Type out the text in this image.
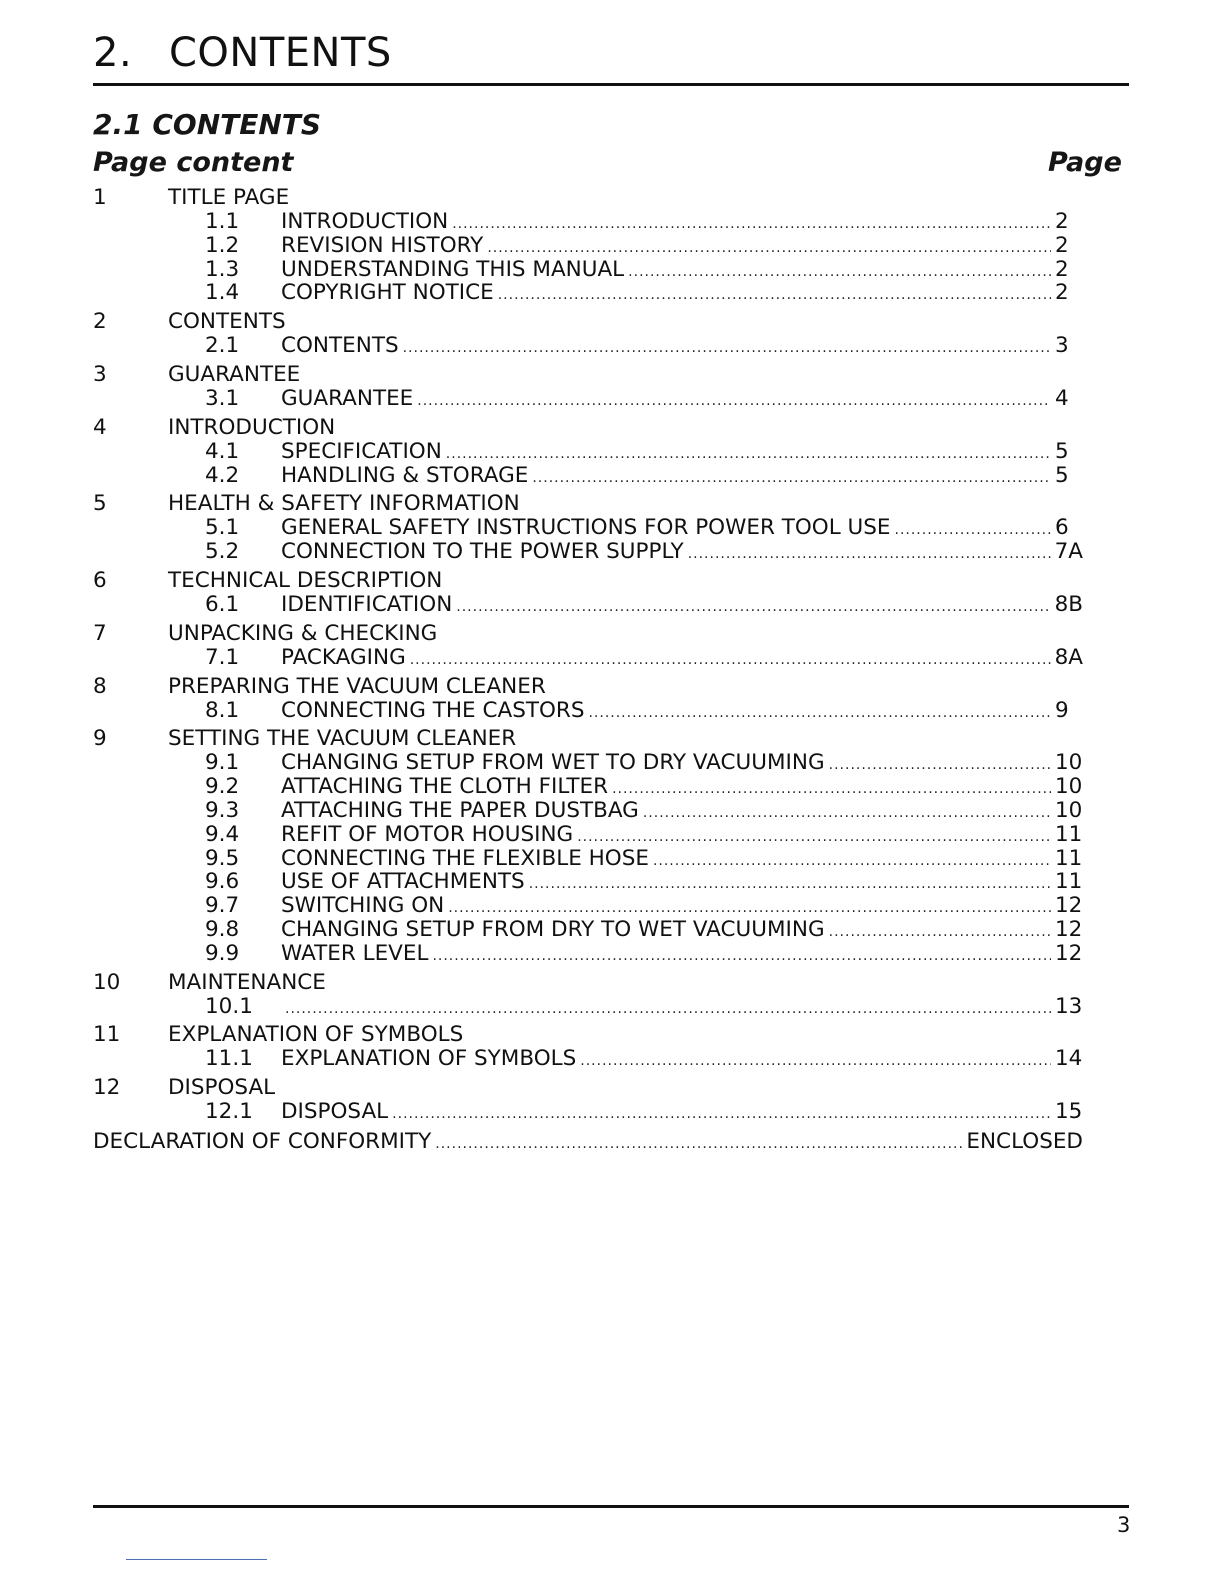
2. CONTENTS
2.1 CONTENTS
Page content	Page
1	TITLE PAGE
1.1	INTRODUCTION .....	2
1.2	REVISION HISTORY .....	2
1.3	UNDERSTANDING THIS MANUAL .....	2
1.4	COPYRIGHT NOTICE .....	2
2	CONTENTS
2.1	CONTENTS .....	3
3	GUARANTEE
3.1	GUARANTEE .....	4
4	INTRODUCTION
4.1	SPECIFICATION .....	5
4.2	HANDLING & STORAGE .....	5
5	HEALTH & SAFETY INFORMATION
5.1	GENERAL SAFETY INSTRUCTIONS FOR POWER TOOL USE .....	6
5.2	CONNECTION TO THE POWER SUPPLY .....	7A
6	TECHNICAL DESCRIPTION
6.1	IDENTIFICATION .....	8B
7	UNPACKING & CHECKING
7.1	PACKAGING .....	8A
8	PREPARING THE VACUUM CLEANER
8.1	CONNECTING THE CASTORS .....	9
9	SETTING THE VACUUM CLEANER
9.1	CHANGING SETUP FROM WET TO DRY VACUUMING .....	10
9.2	ATTACHING THE CLOTH FILTER .....	10
9.3	ATTACHING THE PAPER DUSTBAG .....	10
9.4	REFIT OF MOTOR HOUSING .....	11
9.5	CONNECTING THE FLEXIBLE HOSE .....	11
9.6	USE OF ATTACHMENTS .....	11
9.7	SWITCHING ON .....	12
9.8	CHANGING SETUP FROM DRY TO WET VACUUMING .....	12
9.9	WATER LEVEL .....	12
10	MAINTENANCE
10.1 .....	13
11	EXPLANATION OF SYMBOLS
11.1	EXPLANATION OF SYMBOLS .....	14
12	DISPOSAL
12.1	DISPOSAL .....	15
DECLARATION OF CONFORMITY .....	ENCLOSED
3
